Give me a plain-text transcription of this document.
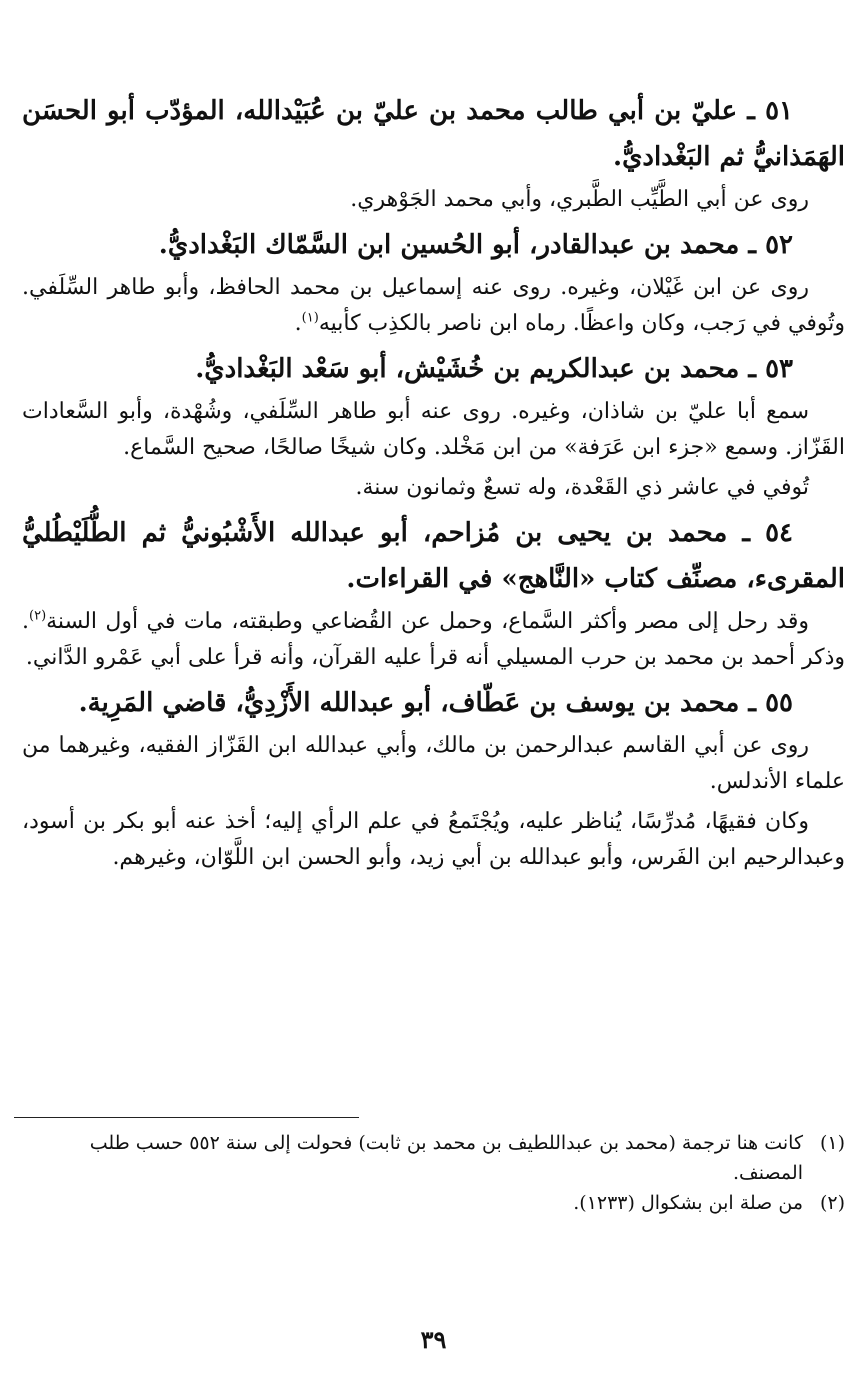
٥١ ـ عليّ بن أبي طالب محمد بن عليّ بن عُبَيْدالله، المؤدّب أبو الحسَن الهَمَذانيُّ ثم البَغْداديُّ.

روى عن أبي الطَّيِّب الطَّبري، وأبي محمد الجَوْهري.

٥٢ ـ محمد بن عبدالقادر، أبو الحُسين ابن السَّمّاك البَغْداديُّ.

روى عن ابن غَيْلان، وغيره. روى عنه إسماعيل بن محمد الحافظ، وأبو طاهر السِّلَفي. وتُوفي في رَجب، وكان واعظًا. رماه ابن ناصر بالكذِب كأبيه$^{(١)}$.

٥٣ ـ محمد بن عبدالكريم بن خُشَيْش، أبو سَعْد البَغْداديُّ.

سمع أبا عليّ بن شاذان، وغيره. روى عنه أبو طاهر السِّلَفي، وشُهْدة، وأبو السَّعادات القَزّاز. وسمع «جزء ابن عَرَفة» من ابن مَخْلد. وكان شيخًا صالحًا، صحيح السَّماع.

تُوفي في عاشر ذي القَعْدة، وله تسعٌ وثمانون سنة.

٥٤ ـ محمد بن يحيى بن مُزاحم، أبو عبدالله الأَشْبُونيُّ ثم الطُّلَيْطُليُّ المقرىء، مصنِّف كتاب «النَّاهج» في القراءات.

وقد رحل إلى مصر وأكثر السَّماع، وحمل عن القُضاعي وطبقته، مات في أول السنة$^{(٢)}$. وذكر أحمد بن محمد بن حرب المسيلي أنه قرأ عليه القرآن، وأنه قرأ على أبي عَمْرو الدَّاني.

٥٥ ـ محمد بن يوسف بن عَطّاف، أبو عبدالله الأَزْدِيُّ، قاضي المَرِية.

روى عن أبي القاسم عبدالرحمن بن مالك، وأبي عبدالله ابن القَزّاز الفقيه، وغيرهما من علماء الأندلس.

وكان فقيهًا، مُدرِّسًا، يُناظر عليه، ويُجْتَمعُ في علم الرأي إليه؛ أخذ عنه أبو بكر بن أسود، وعبدالرحيم ابن الفَرس، وأبو عبدالله بن أبي زيد، وأبو الحسن ابن اللَّوّان، وغيرهم.

(١)
كانت هنا ترجمة (محمد بن عبداللطيف بن محمد بن ثابت) فحولت إلى سنة ٥٥٢ حسب طلب المصنف.
(٢)
من صلة ابن بشكوال (١٢٣٣).
٣٩
